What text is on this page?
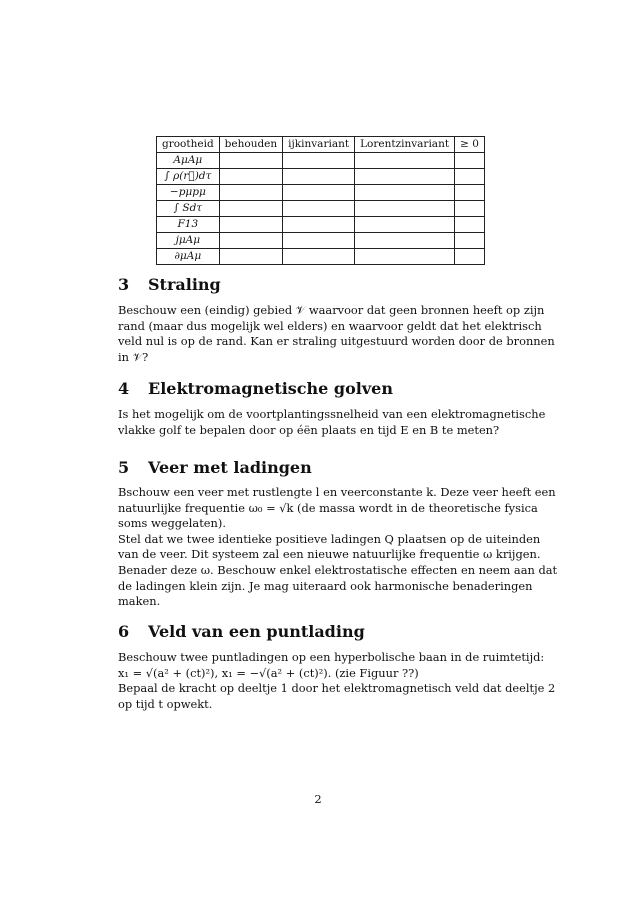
grootheid	behouden	ijkinvariant	Lorentzinvariant	≥ 0
AμAμ				
∫ ρ(r⃗)dτ				
−pμpμ				
∫ Sdτ				
F13				
jμAμ				
∂μAμ				
3 Straling
Beschouw een (eindig) gebied 𝒱 waarvoor dat geen bronnen heeft op zijn
rand (maar dus mogelijk wel elders) en waarvoor geldt dat het elektrisch
veld nul is op de rand. Kan er straling uitgestuurd worden door de bronnen
in 𝒱?
4 Elektromagnetische golven
Is het mogelijk om de voortplantingssnelheid van een elektromagnetische
vlakke golf te bepalen door op éën plaats en tijd E en B te meten?
5 Veer met ladingen
Bschouw een veer met rustlengte l en veerconstante k. Deze veer heeft een
natuurlijke frequentie ω₀ = √k (de massa wordt in de theoretische fysica
soms weggelaten).
Stel dat we twee identieke positieve ladingen Q plaatsen op de uiteinden
van de veer. Dit systeem zal een nieuwe natuurlijke frequentie ω krijgen.
Benader deze ω. Beschouw enkel elektrostatische effecten en neem aan dat
de ladingen klein zijn. Je mag uiteraard ook harmonische benaderingen
maken.
6 Veld van een puntlading
Beschouw twee puntladingen op een hyperbolische baan in de ruimtetijd:
x₁ = √(a² + (ct)²), x₁ = −√(a² + (ct)²). (zie Figuur ??)
Bepaal de kracht op deeltje 1 door het elektromagnetisch veld dat deeltje 2
op tijd t opwekt.
2
